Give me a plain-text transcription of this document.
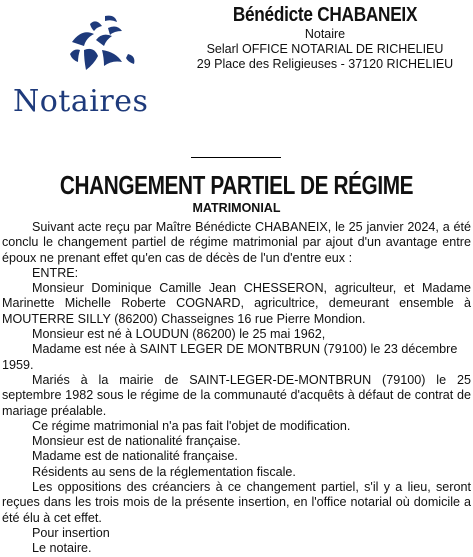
Notaires
Bénédicte CHABANEIX
Notaire
Selarl OFFICE NOTARIAL DE RICHELIEU
29 Place des Religieuses - 37120 RICHELIEU
CHANGEMENT PARTIEL DE RÉGIME
MATRIMONIAL

Suivant acte reçu par Maître Bénédicte CHABANEIX, le 25 janvier 2024, a été conclu le changement partiel de régime matrimonial par ajout d'un avantage entre époux ne prenant effet qu'en cas de décès de l'un d'entre eux :

ENTRE:

Monsieur Dominique Camille Jean CHESSERON, agriculteur, et Madame Marinette Michelle Roberte COGNARD, agricultrice, demeurant ensemble à MOUTERRE SILLY (86200) Chasseignes 16 rue Pierre Mondion.

Monsieur est né à LOUDUN (86200) le 25 mai 1962,

Madame est née à SAINT LEGER DE MONTBRUN (79100) le 23 décembre 1959.

Mariés à la mairie de SAINT-LEGER-DE-MONTBRUN (79100) le 25 septembre 1982 sous le régime de la communauté d'acquêts à défaut de contrat de mariage préalable.

Ce régime matrimonial n'a pas fait l'objet de modification.

Monsieur est de nationalité française.

Madame est de nationalité française.

Résidents au sens de la réglementation fiscale.

Les oppositions des créanciers à ce changement partiel, s'il y a lieu, seront reçues dans les trois mois de la présente insertion, en l'office notarial où domicile a été élu à cet effet.

Pour insertion

Le notaire.
